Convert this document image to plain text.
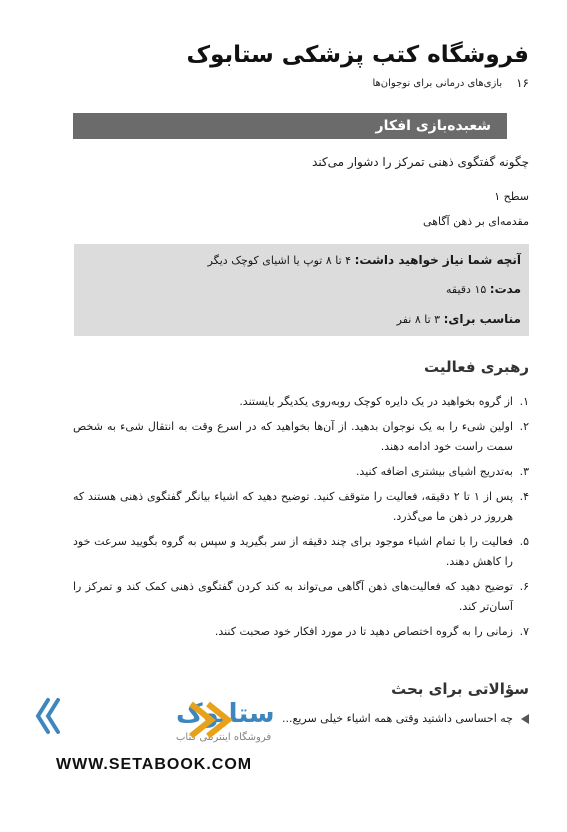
فروشگاه کتب پزشکی ستابوک
۱۶
بازی‌های درمانی برای نوجوان‌ها
شعبده‌بازی افکار
چگونه گفتگوی ذهنی تمرکز را دشوار می‌کند
سطح ۱
مقدمه‌ای بر ذهن آگاهی
آنچه شما نیاز خواهید داشت: ۴ تا ۸ توپ یا اشیای کوچک دیگر
مدت: ۱۵ دقیقه
مناسب برای: ۳ تا ۸ نفر
رهبری فعالیت
۱.
از گروه بخواهید در یک دایره کوچک روبه‌روی یکدیگر بایستند.
۲.
اولین شیء را به یک نوجوان بدهید. از آن‌ها بخواهید که در اسرع وقت به انتقال شیء به شخص سمت راست خود ادامه دهند.
۳.
به‌تدریج اشیای بیشتری اضافه کنید.
۴.
پس از ۱ تا ۲ دقیقه، فعالیت را متوقف کنید. توضیح دهید که اشیاء بیانگر گفتگوی ذهنی هستند که هرروز در ذهن ما می‌گذرد.
۵.
فعالیت را با تمام اشیاء موجود برای چند دقیقه از سر بگیرید و سپس به گروه بگویید سرعت خود را کاهش دهند.
۶.
توضیح دهید که فعالیت‌های ذهن آگاهی می‌تواند به کند کردن گفتگوی ذهنی کمک کند و تمرکز را آسان‌تر کند.
۷.
زمانی را به گروه اختصاص دهید تا در مورد افکار خود صحبت کنند.
سؤالاتی برای بحث
چه احساسی داشتید وقتی همه اشیاء خیلی سریع...
ستابوک
فروشگاه اینترنتی کتاب
WWW.SETABOOK.COM
